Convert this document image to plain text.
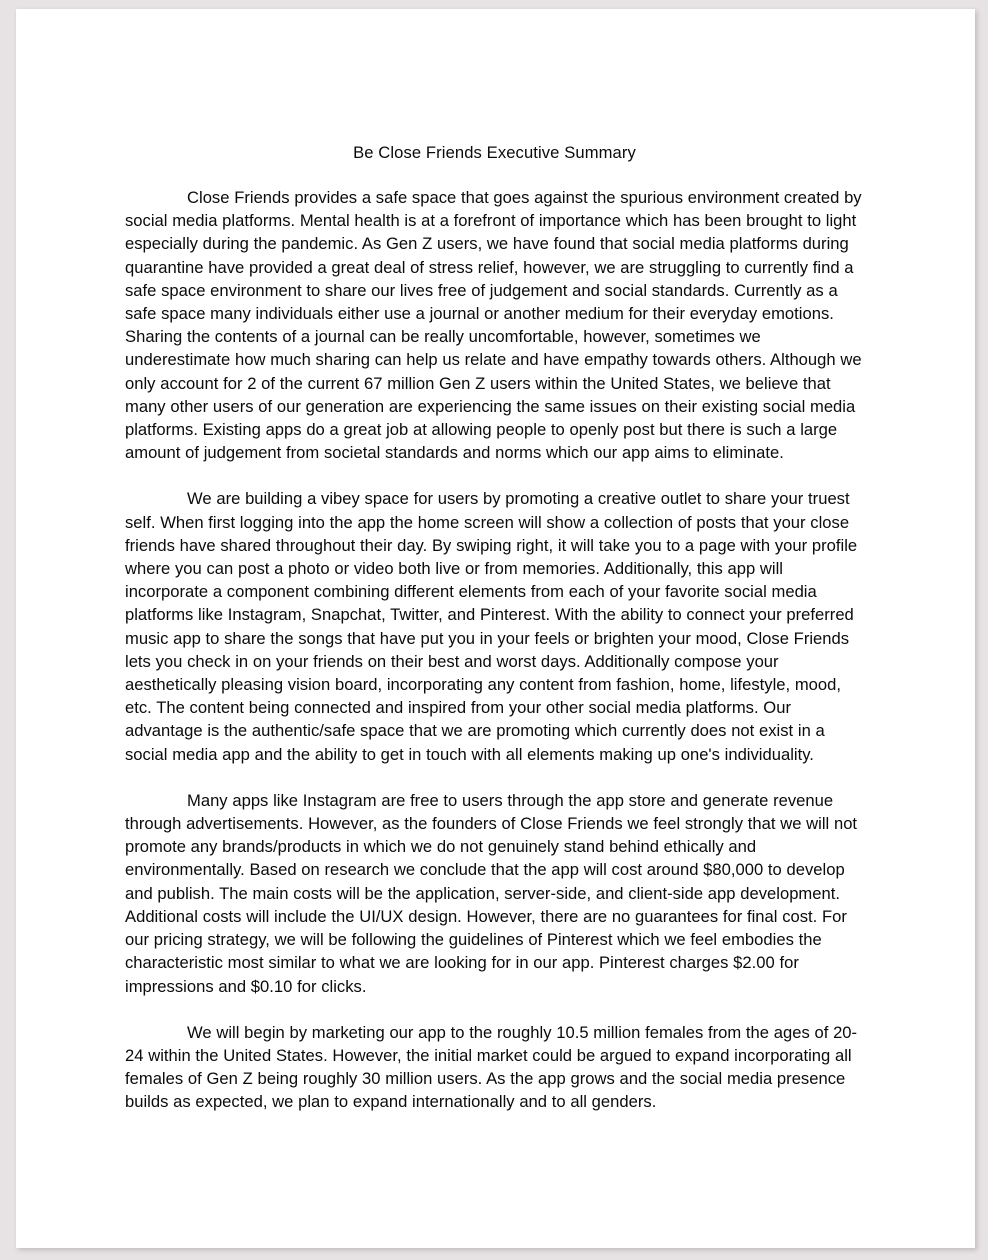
Be Close Friends Executive Summary

Close Friends provides a safe space that goes against the spurious environment created by social media platforms. Mental health is at a forefront of importance which has been brought to light especially during the pandemic. As Gen Z users, we have found that social media platforms during quarantine have provided a great deal of stress relief, however, we are struggling to currently find a safe space environment to share our lives free of judgement and social standards. Currently as a safe space many individuals either use a journal or another medium for their everyday emotions. Sharing the contents of a journal can be really uncomfortable, however, sometimes we underestimate how much sharing can help us relate and have empathy towards others. Although we only account for 2 of the current 67 million Gen Z users within the United States, we believe that many other users of our generation are experiencing the same issues on their existing social media platforms. Existing apps do a great job at allowing people to openly post but there is such a large amount of judgement from societal standards and norms which our app aims to eliminate.

We are building a vibey space for users by promoting a creative outlet to share your truest self. When first logging into the app the home screen will show a collection of posts that your close friends have shared throughout their day. By swiping right, it will take you to a page with your profile where you can post a photo or video both live or from memories. Additionally, this app will incorporate a component combining different elements from each of your favorite social media platforms like Instagram, Snapchat, Twitter, and Pinterest. With the ability to connect your preferred music app to share the songs that have put you in your feels or brighten your mood, Close Friends lets you check in on your friends on their best and worst days. Additionally compose your aesthetically pleasing vision board, incorporating any content from fashion, home, lifestyle, mood, etc. The content being connected and inspired from your other social media platforms. Our advantage is the authentic/safe space that we are promoting which currently does not exist in a social media app and the ability to get in touch with all elements making up one's individuality.

Many apps like Instagram are free to users through the app store and generate revenue through advertisements. However, as the founders of Close Friends we feel strongly that we will not promote any brands/products in which we do not genuinely stand behind ethically and environmentally. Based on research we conclude that the app will cost around $80,000 to develop and publish. The main costs will be the application, server-side, and client-side app development. Additional costs will include the UI/UX design. However, there are no guarantees for final cost. For our pricing strategy, we will be following the guidelines of Pinterest which we feel embodies the characteristic most similar to what we are looking for in our app. Pinterest charges $2.00 for impressions and $0.10 for clicks.

We will begin by marketing our app to the roughly 10.5 million females from the ages of 20-24 within the United States. However, the initial market could be argued to expand incorporating all females of Gen Z being roughly 30 million users. As the app grows and the social media presence builds as expected, we plan to expand internationally and to all genders.
